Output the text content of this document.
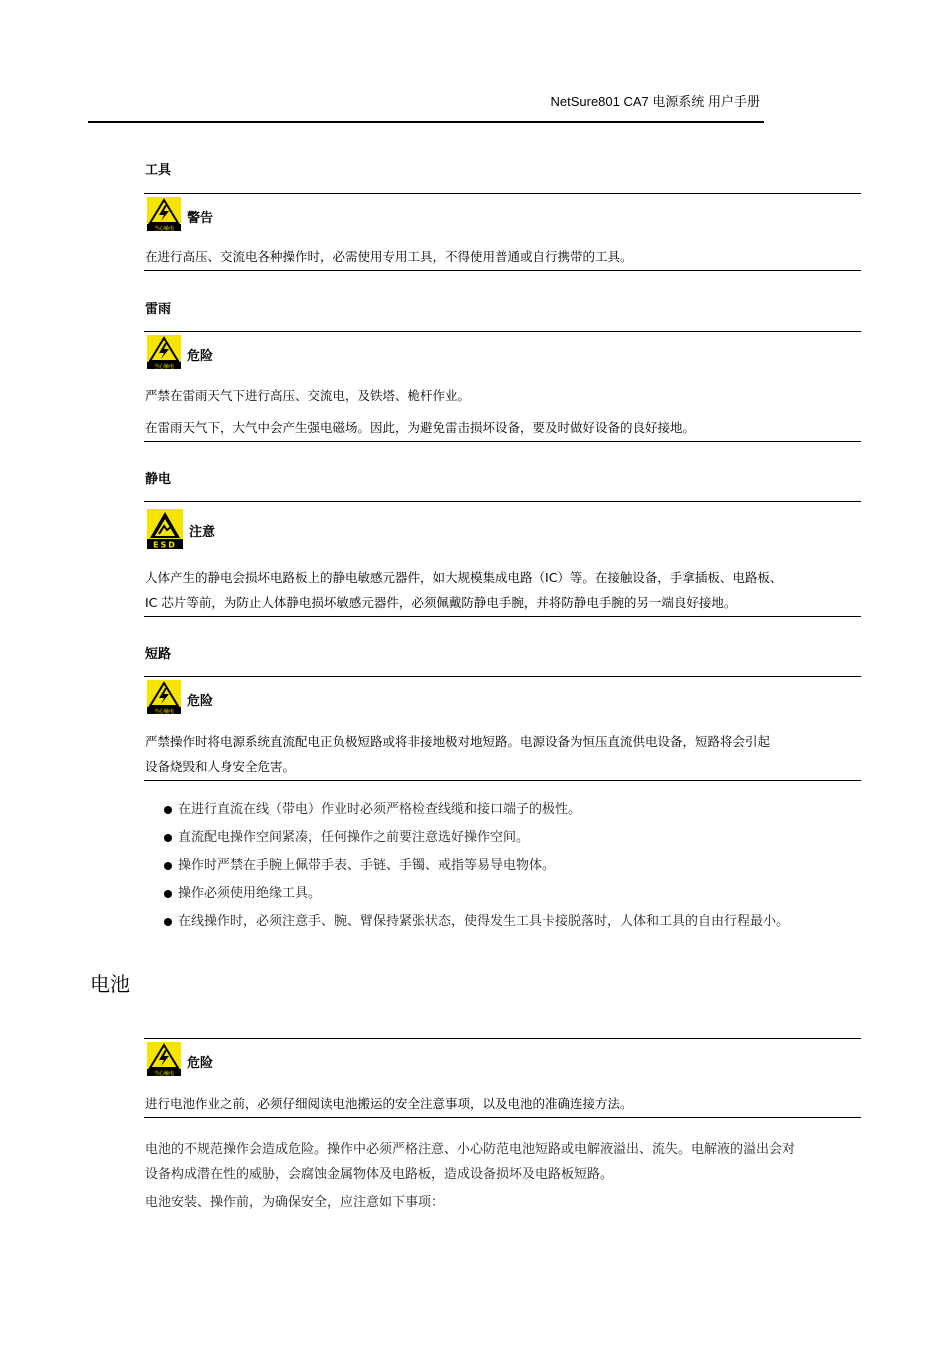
NetSure801 CA7 电源系统 用户手册
工具
当心触电
警告
在进行高压、交流电各种操作时，必需使用专用工具，不得使用普通或自行携带的工具。
雷雨
当心触电
危险
严禁在雷雨天气下进行高压、交流电，及铁塔、桅杆作业。
在雷雨天气下，大气中会产生强电磁场。因此，为避免雷击损坏设备，要及时做好设备的良好接地。
静电
ESD
注意
人体产生的静电会损坏电路板上的静电敏感元器件，如大规模集成电路（IC）等。在接触设备，手拿插板、电路板、
IC 芯片等前，为防止人体静电损坏敏感元器件，必须佩戴防静电手腕，并将防静电手腕的另一端良好接地。
短路
当心触电
危险
严禁操作时将电源系统直流配电正负极短路或将非接地极对地短路。电源设备为恒压直流供电设备，短路将会引起
设备烧毁和人身安全危害。
在进行直流在线（带电）作业时必须严格检查线缆和接口端子的极性。
直流配电操作空间紧凑，任何操作之前要注意选好操作空间。
操作时严禁在手腕上佩带手表、手链、手镯、戒指等易导电物体。
操作必须使用绝缘工具。
在线操作时，必须注意手、腕、臂保持紧张状态，使得发生工具卡接脱落时，人体和工具的自由行程最小。
电池
当心触电
危险
进行电池作业之前，必须仔细阅读电池搬运的安全注意事项，以及电池的准确连接方法。
电池的不规范操作会造成危险。操作中必须严格注意、小心防范电池短路或电解液溢出、流失。电解液的溢出会对
设备构成潜在性的威胁，会腐蚀金属物体及电路板，造成设备损坏及电路板短路。
电池安装、操作前，为确保安全，应注意如下事项：
